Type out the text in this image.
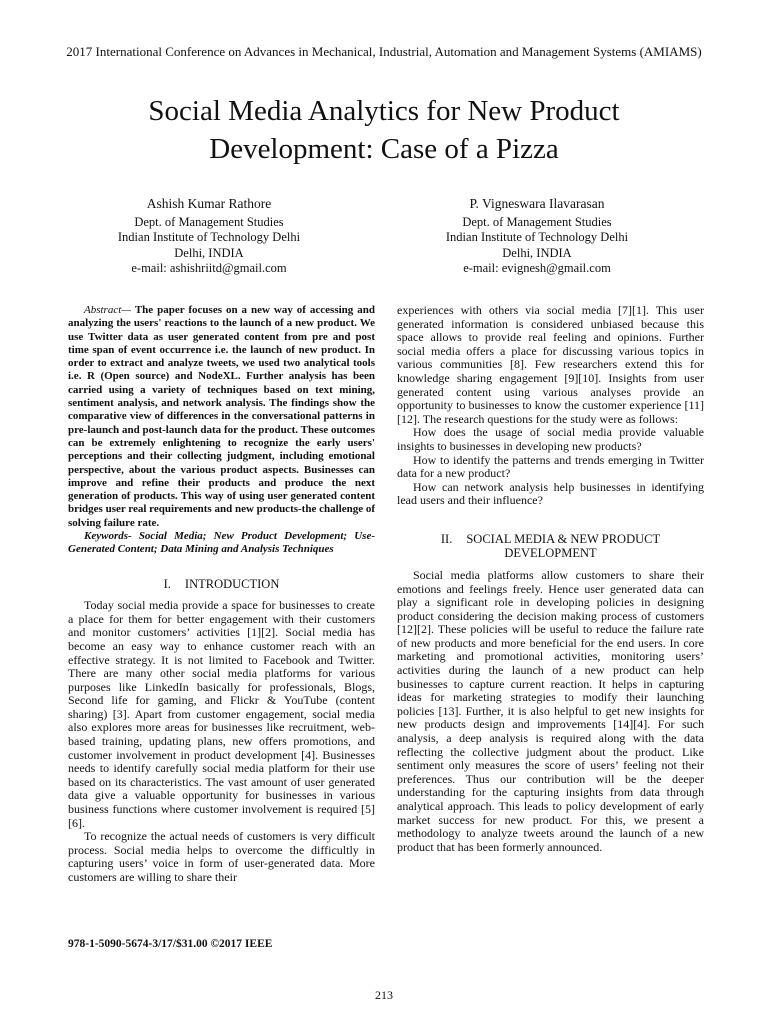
2017 International Conference on Advances in Mechanical, Industrial, Automation and Management Systems (AMIAMS)
Social Media Analytics for New Product
Development: Case of a Pizza
Ashish Kumar Rathore
Dept. of Management Studies
Indian Institute of Technology Delhi
Delhi, INDIA
e-mail: ashishriitd@gmail.com
P. Vigneswara Ilavarasan
Dept. of Management Studies
Indian Institute of Technology Delhi
Delhi, INDIA
e-mail: evignesh@gmail.com

Abstract— The paper focuses on a new way of accessing and analyzing the users' reactions to the launch of a new product. We use Twitter data as user generated content from pre and post time span of event occurrence i.e. the launch of new product. In order to extract and analyze tweets, we used two analytical tools i.e. R (Open source) and NodeXL. Further analysis has been carried using a variety of techniques based on text mining, sentiment analysis, and network analysis. The findings show the comparative view of differences in the conversational patterns in pre-launch and post-launch data for the product. These outcomes can be extremely enlightening to recognize the early users' perceptions and their collecting judgment, including emotional perspective, about the various product aspects. Businesses can improve and refine their products and produce the next generation of products. This way of using user generated content bridges user real requirements and new products-the challenge of solving failure rate.

Keywords- Social Media; New Product Development; Use-Generated Content; Data Mining and Analysis Techniques

I. INTRODUCTION

Today social media provide a space for businesses to create a place for them for better engagement with their customers and monitor customers’ activities [1][2]. Social media has become an easy way to enhance customer reach with an effective strategy. It is not limited to Facebook and Twitter. There are many other social media platforms for various purposes like LinkedIn basically for professionals, Blogs, Second life for gaming, and Flickr & YouTube (content sharing) [3]. Apart from customer engagement, social media also explores more areas for businesses like recruitment, web-based training, updating plans, new offers promotions, and customer involvement in product development [4]. Businesses needs to identify carefully social media platform for their use based on its characteristics. The vast amount of user generated data give a valuable opportunity for businesses in various business functions where customer involvement is required [5][6].

To recognize the actual needs of customers is very difficult process. Social media helps to overcome the difficultly in capturing users’ voice in form of user-generated data. More customers are willing to share their

experiences with others via social media [7][1]. This user generated information is considered unbiased because this space allows to provide real feeling and opinions. Further social media offers a place for discussing various topics in various communities [8]. Few researchers extend this for knowledge sharing engagement [9][10]. Insights from user generated content using various analyses provide an opportunity to businesses to know the customer experience [11][12]. The research questions for the study were as follows:

How does the usage of social media provide valuable insights to businesses in developing new products?

How to identify the patterns and trends emerging in Twitter data for a new product?

How can network analysis help businesses in identifying lead users and their influence?

II. SOCIAL MEDIA & NEW PRODUCT
DEVELOPMENT

Social media platforms allow customers to share their emotions and feelings freely. Hence user generated data can play a significant role in developing policies in designing product considering the decision making process of customers [12][2]. These policies will be useful to reduce the failure rate of new products and more beneficial for the end users. In core marketing and promotional activities, monitoring users’ activities during the launch of a new product can help businesses to capture current reaction. It helps in capturing ideas for marketing strategies to modify their launching policies [13]. Further, it is also helpful to get new insights for new products design and improvements [14][4]. For such analysis, a deep analysis is required along with the data reflecting the collective judgment about the product. Like sentiment only measures the score of users’ feeling not their preferences. Thus our contribution will be the deeper understanding for the capturing insights from data through analytical approach. This leads to policy development of early market success for new product. For this, we present a methodology to analyze tweets around the launch of a new product that has been formerly announced.

978-1-5090-5674-3/17/$31.00 ©2017 IEEE
213
